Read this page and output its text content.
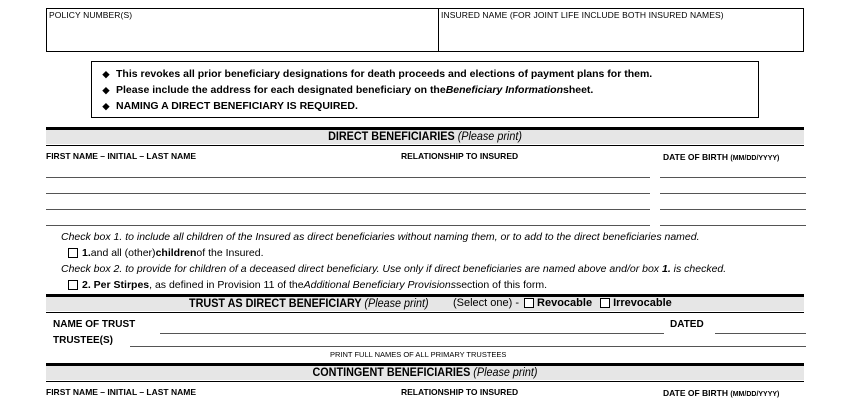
POLICY NUMBER(S)	INSURED NAME (FOR JOINT LIFE INCLUDE BOTH INSURED NAMES)
◆ This revokes all prior beneficiary designations for death proceeds and elections of payment plans for them.
◆ Please include the address for each designated beneficiary on the Beneficiary Information sheet.
◆ NAMING A DIRECT BENEFICIARY IS REQUIRED.
DIRECT BENEFICIARIES (Please print)
FIRST NAME – INITIAL – LAST NAME	RELATIONSHIP TO INSURED	DATE OF BIRTH (MM/DD/YYYY)
Check box 1. to include all children of the Insured as direct beneficiaries without naming them, or to add to the direct beneficiaries named.
1. and all (other) children of the Insured.
Check box 2. to provide for children of a deceased direct beneficiary. Use only if direct beneficiaries are named above and/or box 1. is checked.
2. Per Stirpes , as defined in Provision 11 of the Additional Beneficiary Provisions section of this form.
TRUST AS DIRECT BENEFICIARY (Please print) (Select one) - Revocable Irrevocable
NAME OF TRUST	DATED
TRUSTEE(S)
PRINT FULL NAMES OF ALL PRIMARY TRUSTEES
CONTINGENT BENEFICIARIES (Please print)
FIRST NAME – INITIAL – LAST NAME	RELATIONSHIP TO INSURED	DATE OF BIRTH (MM/DD/YYYY)
